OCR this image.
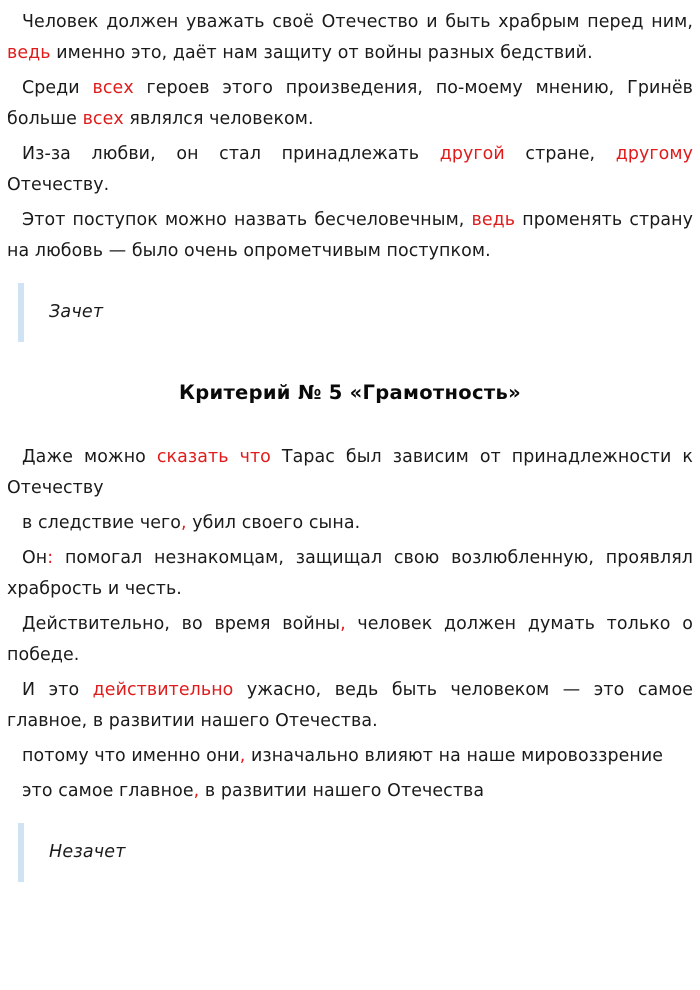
Человек должен уважать своё Отечество и быть храбрым перед ним, ведь именно это, даёт нам защиту от войны разных бедствий.

Среди всех героев этого произведения, по-моему мнению, Гринёв больше всех являлся человеком.

Из-за любви, он стал принадлежать другой стране, другому Отечеству.

Этот поступок можно назвать бесчеловечным, ведь променять страну на любовь — было очень опрометчивым поступком.

Зачет
Критерий № 5 «Грамотность»

Даже можно сказать что Тарас был зависим от принадлежности к Отечеству

в следствие чего, убил своего сына.

Он: помогал незнакомцам, защищал свою возлюбленную, проявлял храбрость и честь.

Действительно, во время войны, человек должен думать только о победе.

И это действительно ужасно, ведь быть человеком — это самое главное, в развитии нашего Отечества.

потому что именно они, изначально влияют на наше мировоззрение

это самое главное, в развитии нашего Отечества

Незачет
